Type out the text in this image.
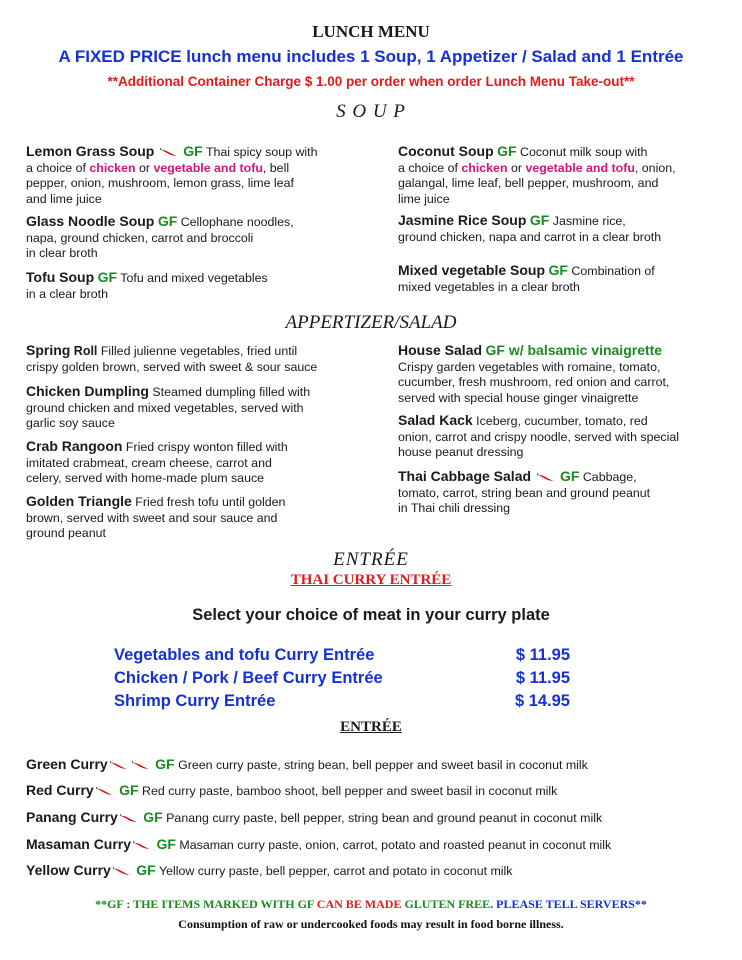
LUNCH MENU
A FIXED PRICE lunch menu includes 1 Soup, 1 Appetizer / Salad and 1 Entrée
**Additional Container Charge $ 1.00 per order when order Lunch Menu Take-out**
S O U P
Lemon Grass Soup GF Thai spicy soup with
a choice of chicken or vegetable and tofu, bell
pepper, onion, mushroom, lemon grass, lime leaf
and lime juice
Glass Noodle Soup GF Cellophane noodles,
napa, ground chicken, carrot and broccoli
in clear broth
Tofu Soup GF Tofu and mixed vegetables
in a clear broth
Coconut Soup GF Coconut milk soup with
a choice of chicken or vegetable and tofu, onion,
galangal, lime leaf, bell pepper, mushroom, and
lime juice
Jasmine Rice Soup GF Jasmine rice,
ground chicken, napa and carrot in a clear broth
Mixed vegetable Soup GF Combination of
mixed vegetables in a clear broth
APPERTIZER/SALAD
Spring Roll Filled julienne vegetables, fried until
crispy golden brown, served with sweet & sour sauce
Chicken Dumpling Steamed dumpling filled with
ground chicken and mixed vegetables, served with
garlic soy sauce
Crab Rangoon Fried crispy wonton filled with
imitated crabmeat, cream cheese, carrot and
celery, served with home-made plum sauce
Golden Triangle Fried fresh tofu until golden
brown, served with sweet and sour sauce and
ground peanut
House Salad GF w/ balsamic vinaigrette
Crispy garden vegetables with romaine, tomato,
cucumber, fresh mushroom, red onion and carrot,
served with special house ginger vinaigrette
Salad Kack Iceberg, cucumber, tomato, red
onion, carrot and crispy noodle, served with special
house peanut dressing
Thai Cabbage Salad GF Cabbage,
tomato, carrot, string bean and ground peanut
in Thai chili dressing
ENTRÉE
THAI CURRY ENTRÉE
Select your choice of meat in your curry plate
Vegetables and tofu Curry Entrée	$ 11.95
Chicken / Pork / Beef Curry Entrée	$ 11.95
Shrimp Curry Entrée	$ 14.95
ENTRÉE
Green Curry	GF Green curry paste, string bean, bell pepper and sweet basil in coconut milk
Red Curry GF Red curry paste, bamboo shoot, bell pepper and sweet basil in coconut milk
Panang Curry GF Panang curry paste, bell pepper, string bean and ground peanut in coconut milk
Masaman Curry GF Masaman curry paste, onion, carrot, potato and roasted peanut in coconut milk
Yellow Curry GF Yellow curry paste, bell pepper, carrot and potato in coconut milk
**GF : THE ITEMS MARKED WITH GF CAN BE MADE GLUTEN FREE. PLEASE TELL SERVERS**
Consumption of raw or undercooked foods may result in food borne illness.
